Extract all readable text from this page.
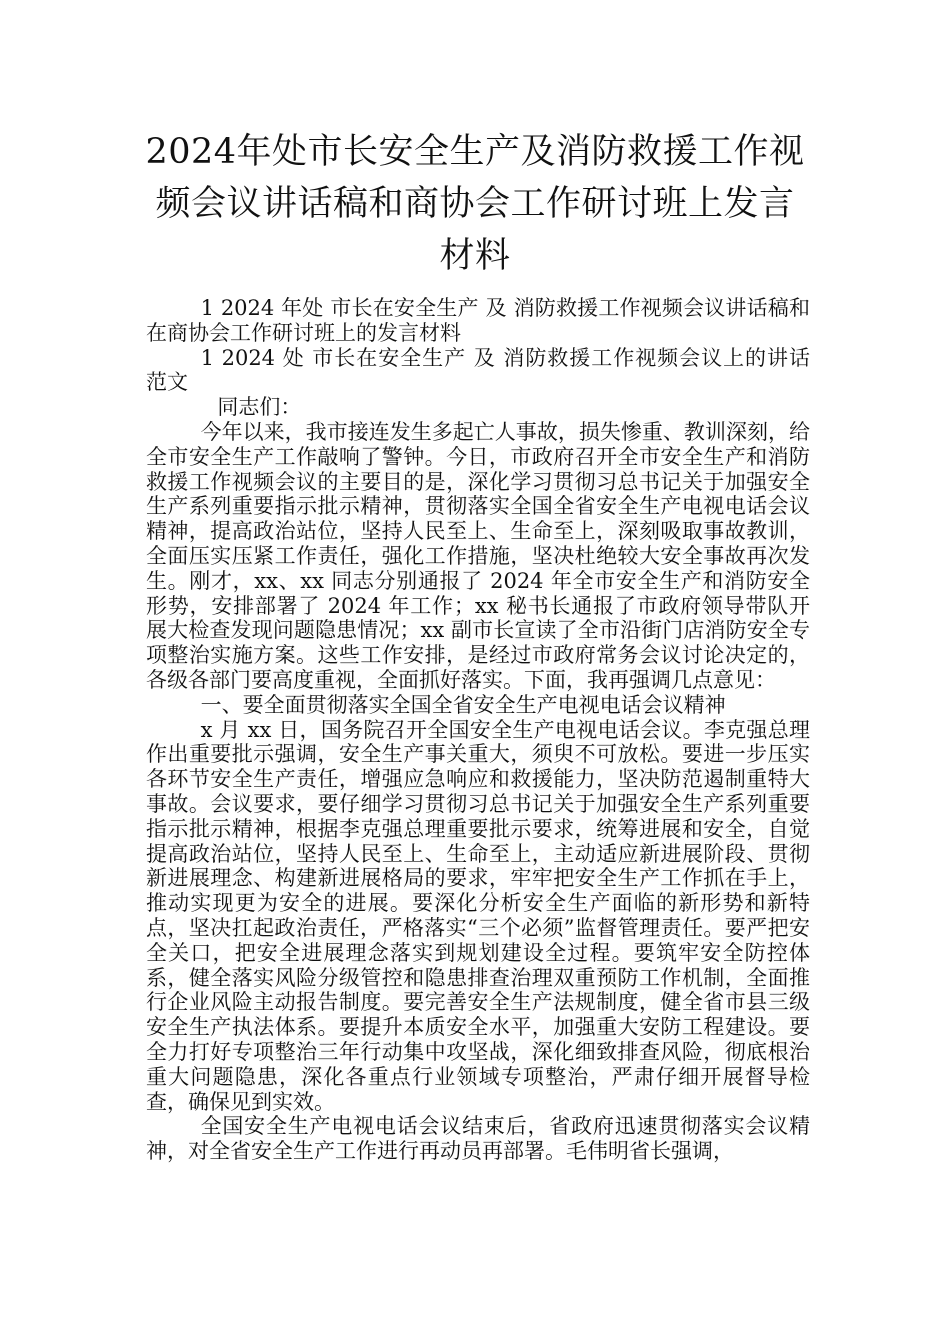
2024年处市长安全生产及消防救援工作视频会议讲话稿和商协会工作研讨班上发言材料

1 2024 年处 市长在安全生产 及 消防救援工作视频会议讲话稿和 在商协会工作研讨班上的发言材料

1 2024 处 市长在安全生产 及 消防救援工作视频会议上的讲话 范文

同志们：

今年以来，我市接连发生多起亡人事故，损失惨重、教训深刻，给全市安全生产工作敲响了警钟。今日，市政府召开全市安全生产和消防救援工作视频会议的主要目的是，深化学习贯彻习总书记关于加强安全生产系列重要指示批示精神，贯彻落实全国全省安全生产电视电话会议精神，提高政治站位，坚持人民至上、生命至上，深刻吸取事故教训，全面压实压紧工作责任，强化工作措施，坚决杜绝较大安全事故再次发生。刚才，xx、xx 同志分别通报了 2024 年全市安全生产和消防安全形势，安排部署了 2024 年工作；xx 秘书长通报了市政府领导带队开展大检查发现问题隐患情况；xx 副市长宣读了全市沿街门店消防安全专项整治实施方案。这些工作安排，是经过市政府常务会议讨论决定的，各级各部门要高度重视，全面抓好落实。下面，我再强调几点意见：

一、要全面贯彻落实全国全省安全生产电视电话会议精神

x 月 xx 日，国务院召开全国安全生产电视电话会议。李克强总理作出重要批示强调，安全生产事关重大，须臾不可放松。要进一步压实各环节安全生产责任，增强应急响应和救援能力，坚决防范遏制重特大事故。会议要求，要仔细学习贯彻习总书记关于加强安全生产系列重要指示批示精神，根据李克强总理重要批示要求，统筹进展和安全，自觉提高政治站位，坚持人民至上、生命至上，主动适应新进展阶段、贯彻新进展理念、构建新进展格局的要求，牢牢把安全生产工作抓在手上，推动实现更为安全的进展。要深化分析安全生产面临的新形势和新特点，坚决扛起政治责任，严格落实“三个必须”监督管理责任。要严把安全关口，把安全进展理念落实到规划建设全过程。要筑牢安全防控体系，健全落实风险分级管控和隐患排查治理双重预防工作机制，全面推行企业风险主动报告制度。要完善安全生产法规制度，健全省市县三级安全生产执法体系。要提升本质安全水平，加强重大安防工程建设。要全力打好专项整治三年行动集中攻坚战，深化细致排查风险，彻底根治重大问题隐患，深化各重点行业领域专项整治，严肃仔细开展督导检查，确保见到实效。

全国安全生产电视电话会议结束后，省政府迅速贯彻落实会议精神，对全省安全生产工作进行再动员再部署。毛伟明省长强调，
